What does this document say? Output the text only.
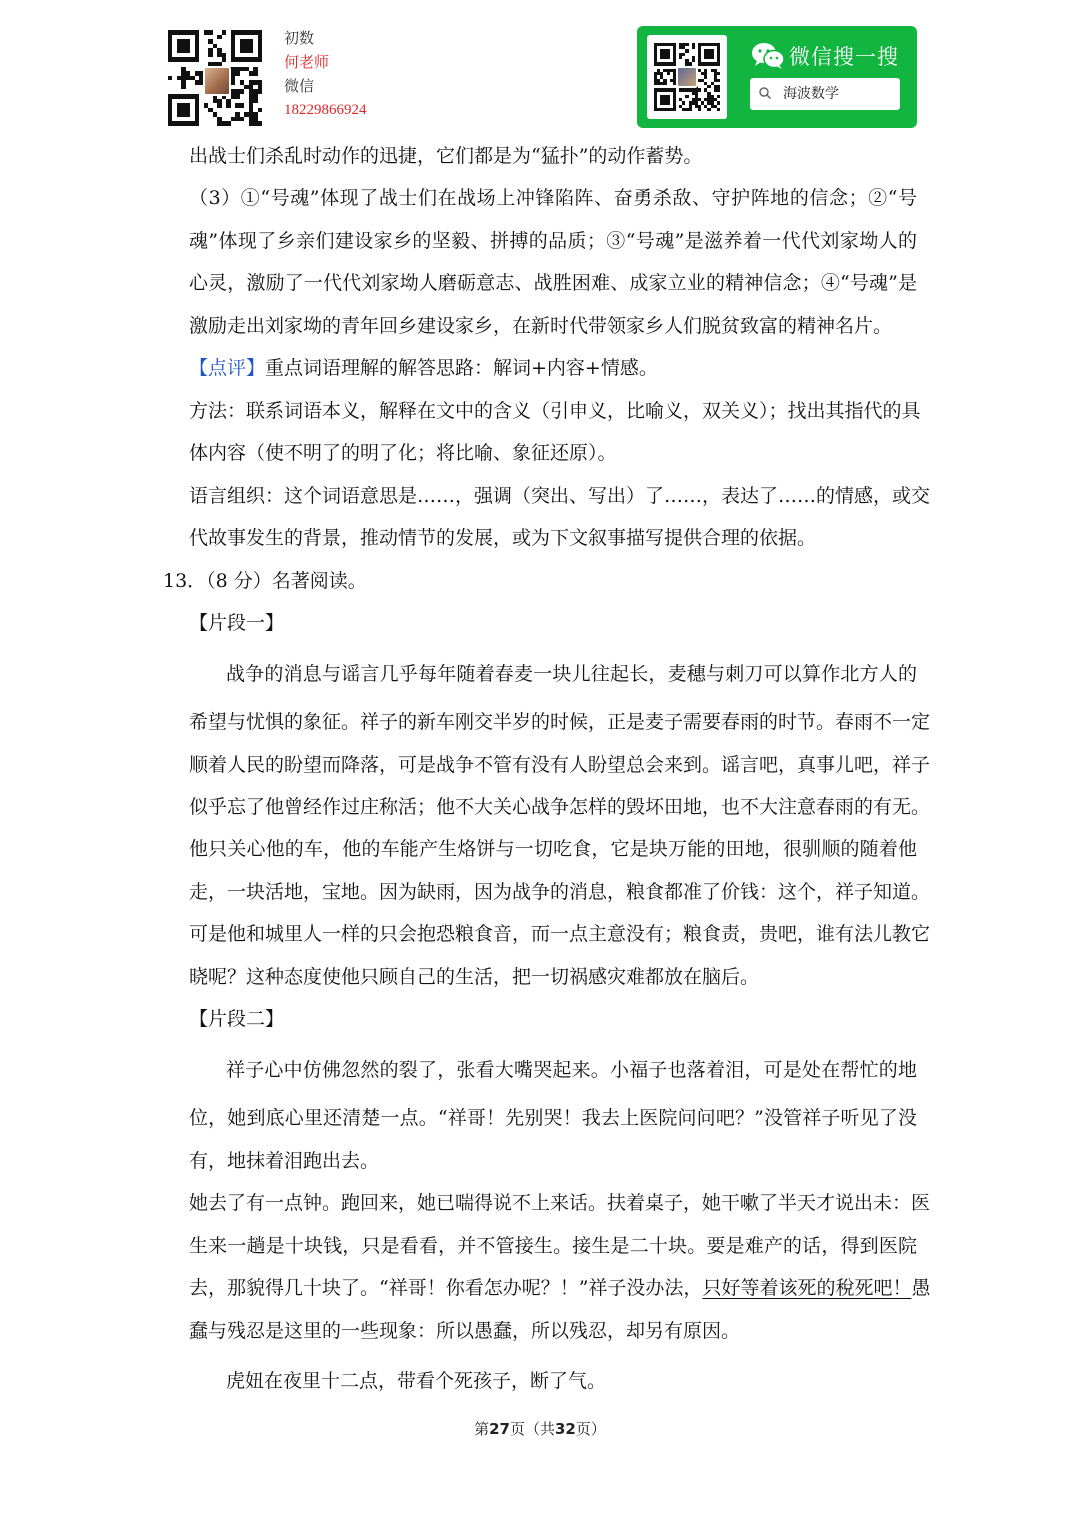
初数
何老师
微信
18229866924
微信搜一搜
海波数学
出战士们杀乱时动作的迅捷，它们都是为“猛扑”的动作蓄势。
（3）①“号魂”体现了战士们在战场上冲锋陷阵、奋勇杀敌、守护阵地的信念；②“号
魂”体现了乡亲们建设家乡的坚毅、拼搏的品质；③“号魂”是滋养着一代代刘家坳人的
心灵，激励了一代代刘家坳人磨砺意志、战胜困难、成家立业的精神信念；④“号魂”是
激励走出刘家坳的青年回乡建设家乡，在新时代带领家乡人们脱贫致富的精神名片。
【点评】重点词语理解的解答思路：解词+内容+情感。
方法：联系词语本义，解释在文中的含义（引申义，比喻义，双关义）；找出其指代的具
体内容（使不明了的明了化；将比喻、象征还原）。
语言组织：这个词语意思是……，强调（突出、写出）了……，表达了……的情感，或交
代故事发生的背景，推动情节的发展，或为下文叙事描写提供合理的依据。
13．（8 分）名著阅读。
【片段一】
战争的消息与谣言几乎每年随着春麦一块儿往起长，麦穗与刺刀可以算作北方人的
希望与忧惧的象征。祥子的新车刚交半岁的时候，正是麦子需要春雨的时节。春雨不一定
顺着人民的盼望而降落，可是战争不管有没有人盼望总会来到。谣言吧，真事儿吧，祥子
似乎忘了他曾经作过庄称活；他不大关心战争怎样的毁坏田地，也不大注意春雨的有无。
他只关心他的车，他的车能产生烙饼与一切吃食，它是块万能的田地，很驯顺的随着他
走，一块活地，宝地。因为缺雨，因为战争的消息，粮食都准了价钱：这个，祥子知道。
可是他和城里人一样的只会抱恐粮食音，而一点主意没有；粮食责，贵吧，谁有法儿教它
晓呢？这种态度使他只顾自己的生活，把一切祸感灾难都放在脑后。
【片段二】
祥子心中仿佛忽然的裂了，张看大嘴哭起来。小福子也落着泪，可是处在帮忙的地
位，她到底心里还清楚一点。“祥哥！先别哭！我去上医院问问吧？”没管祥子听见了没
有，地抹着泪跑出去。
她去了有一点钟。跑回来，她已喘得说不上来话。扶着桌子，她干嗽了半天才说出未：医
生来一趟是十块钱，只是看看，并不管接生。接生是二十块。要是难产的话，得到医院
去，那貌得几十块了。“祥哥！你看怎办呢？！”祥子没办法， 只好等着该死的稅死吧！ 愚
蠢与残忍是这里的一些现象：所以愚蠢，所以残忍，却另有原因。
虎妞在夜里十二点，带看个死孩子，断了气。
第27页（共32页）
